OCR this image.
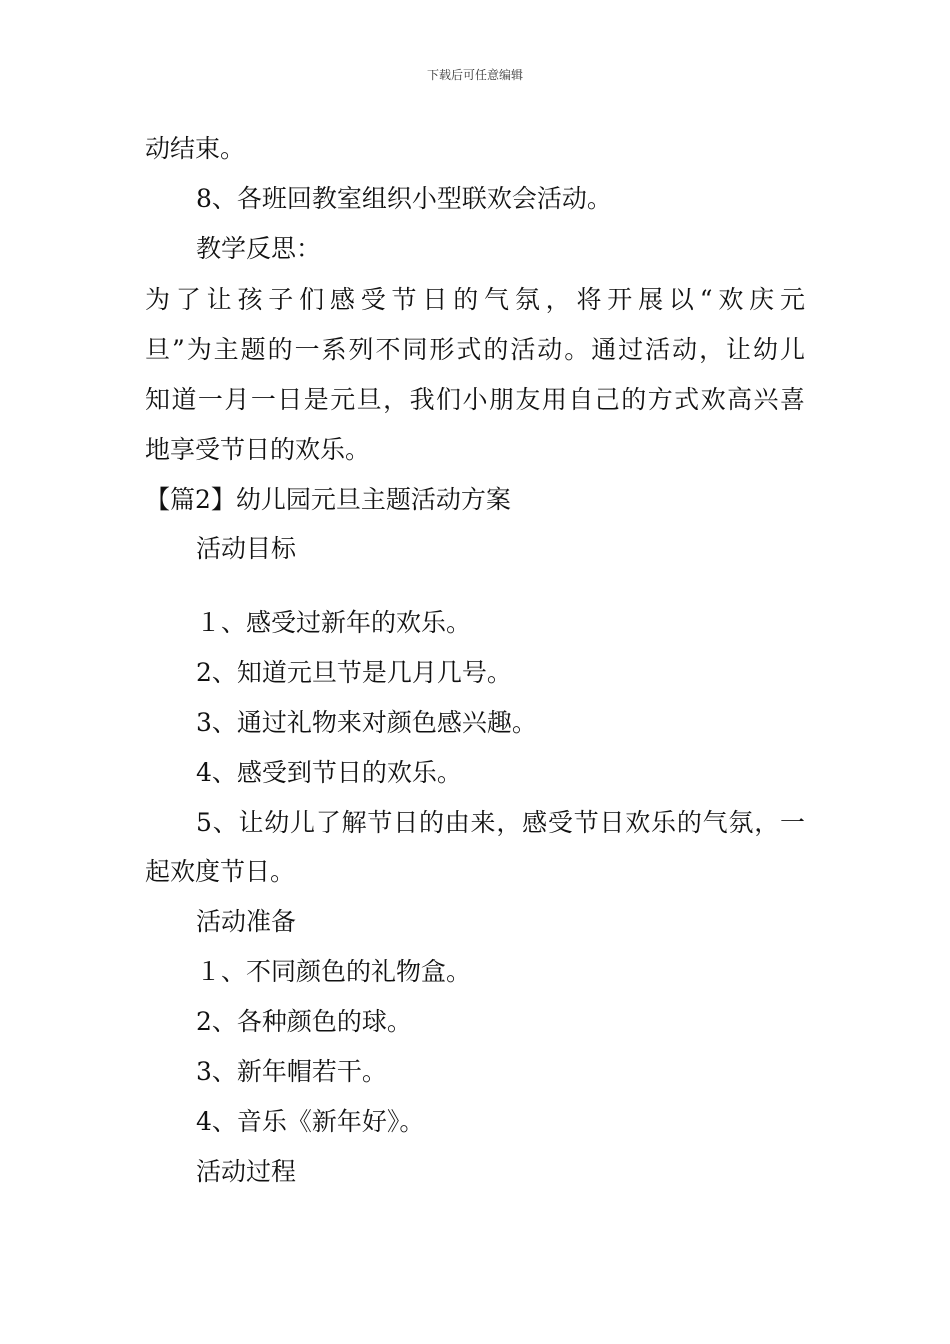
下载后可任意编辑
动结束。
8、各班回教室组织小型联欢会活动。
教学反思：
为了让孩子们感受节日的气氛，将开展以“欢庆元
旦”为主题的一系列不同形式的活动。通过活动，让幼儿
知道一月一日是元旦，我们小朋友用自己的方式欢高兴喜
地享受节日的欢乐。
【篇2】幼儿园元旦主题活动方案
活动目标
１、感受过新年的欢乐。
2、知道元旦节是几月几号。
3、通过礼物来对颜色感兴趣。
4、感受到节日的欢乐。
5、让幼儿了解节日的由来，感受节日欢乐的气氛，一
起欢度节日。
活动准备
１、不同颜色的礼物盒。
2、各种颜色的球。
3、新年帽若干。
4、音乐《新年好》。
活动过程
